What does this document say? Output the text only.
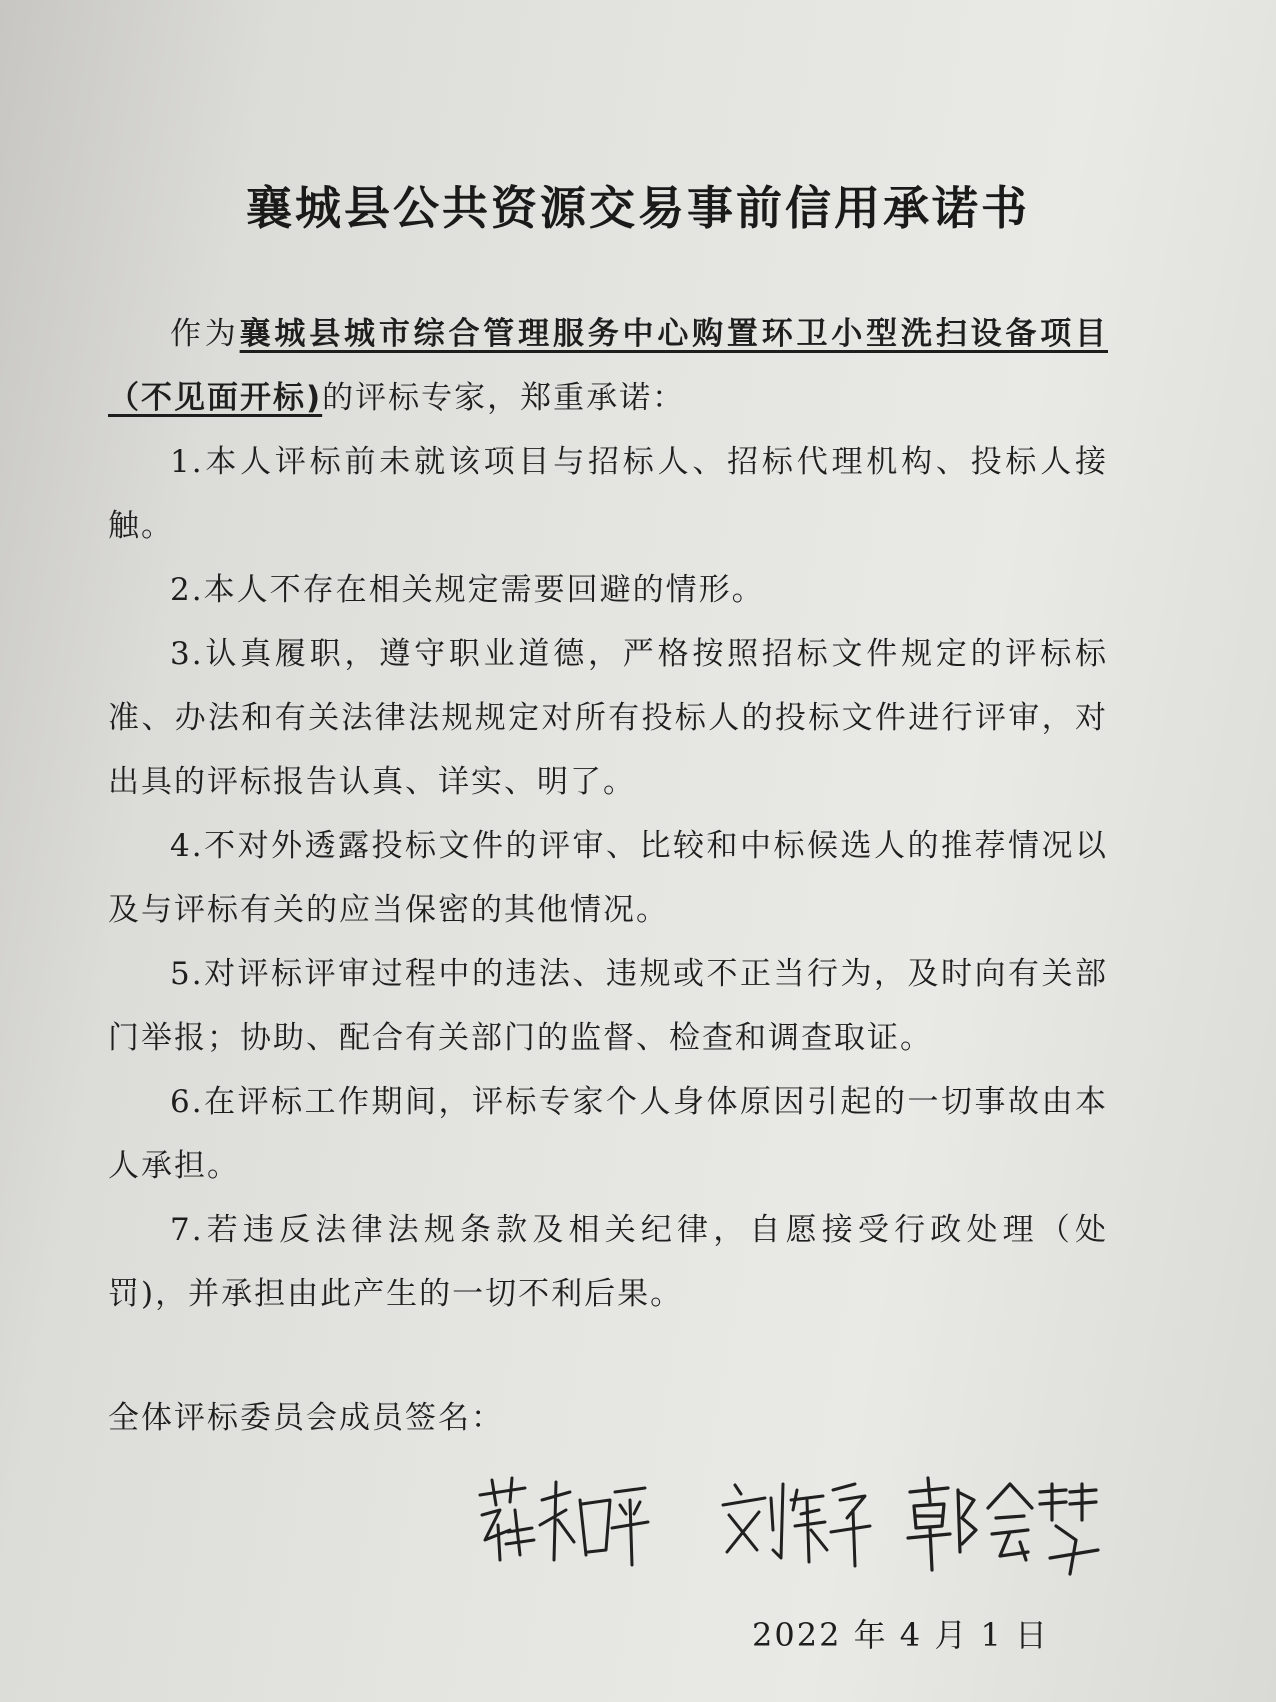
襄城县公共资源交易事前信用承诺书

作为襄城县城市综合管理服务中心购置环卫小型洗扫设备项目（不见面开标)的评标专家，郑重承诺：

1.本人评标前未就该项目与招标人、招标代理机构、投标人接触。

2.本人不存在相关规定需要回避的情形。

3.认真履职，遵守职业道德，严格按照招标文件规定的评标标准、办法和有关法律法规规定对所有投标人的投标文件进行评审，对出具的评标报告认真、详实、明了。

4.不对外透露投标文件的评审、比较和中标候选人的推荐情况以及与评标有关的应当保密的其他情况。

5.对评标评审过程中的违法、违规或不正当行为，及时向有关部门举报；协助、配合有关部门的监督、检查和调查取证。

6.在评标工作期间，评标专家个人身体原因引起的一切事故由本人承担。

7.若违反法律法规条款及相关纪律，自愿接受行政处理（处罚)，并承担由此产生的一切不利后果。

全体评标委员会成员签名：
2022 年 4 月 1 日
